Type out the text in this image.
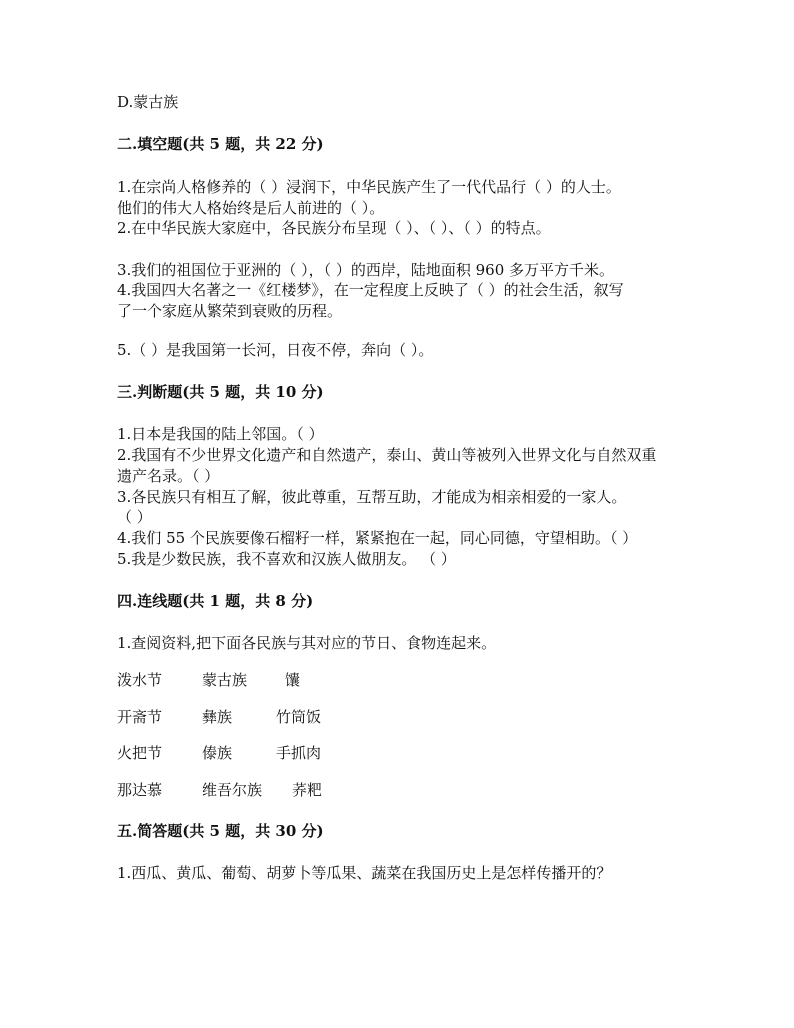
D.蒙古族
二.填空题(共 5 题，共 22 分)
1.在宗尚人格修养的（ ）浸润下，中华民族产生了一代代品行（ ）的人士。
他们的伟大人格始终是后人前进的（ ）。
2.在中华民族大家庭中，各民族分布呈现（ ）、（ ）、（ ）的特点。
3.我们的祖国位于亚洲的（ ），（ ）的西岸，陆地面积 960 多万平方千米。
4.我国四大名著之一《红楼梦》，在一定程度上反映了（ ）的社会生活，叙写
了一个家庭从繁荣到衰败的历程。
5.（ ）是我国第一长河，日夜不停，奔向（ ）。
三.判断题(共 5 题，共 10 分)
1.日本是我国的陆上邻国。（ ）
2.我国有不少世界文化遗产和自然遗产，泰山、黄山等被列入世界文化与自然双重
遗产名录。（ ）
3.各民族只有相互了解，彼此尊重，互帮互助，才能成为相亲相爱的一家人。
（ ）
4.我们 55 个民族要像石榴籽一样，紧紧抱在一起，同心同德，守望相助。（ ）
5.我是少数民族，我不喜欢和汉族人做朋友。 （ ）
四.连线题(共 1 题，共 8 分)
1.查阅资料,把下面各民族与其对应的节日、食物连起来。
泼水节	蒙古族	馕
开斋节	彝族	竹筒饭
火把节	傣族	手抓肉
那达慕	维吾尔族 荞粑
五.简答题(共 5 题，共 30 分)
1.西瓜、黄瓜、葡萄、胡萝卜等瓜果、蔬菜在我国历史上是怎样传播开的？
